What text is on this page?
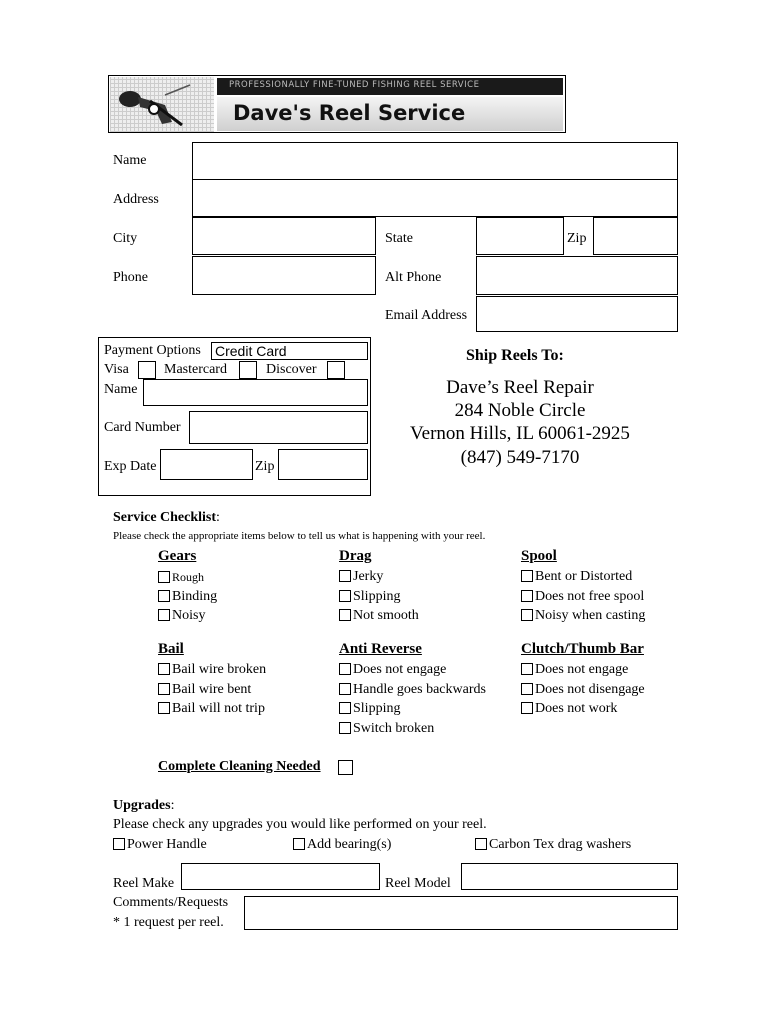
PROFESSIONALLY FINE-TUNED FISHING REEL SERVICE
Dave's Reel Service
Name
Address
City	State	Zip
Phone	Alt Phone
Email Address
Payment Options Credit Card
Visa	Mastercard	Discover
Name
Card Number
Exp Date	Zip
Ship Reels To:
Dave’s Reel Repair
284 Noble Circle
Vernon Hills, IL 60061-2925
(847) 549-7170
Service Checklist:
Please check the appropriate items below to tell us what is happening with your reel.
Gears
Rough
Binding
Noisy
Drag
Jerky
Slipping
Not smooth
Spool
Bent or Distorted
Does not free spool
Noisy when casting
Bail
Bail wire broken
Bail wire bent
Bail will not trip
Anti Reverse
Does not engage
Handle goes backwards
Slipping
Switch broken
Clutch/Thumb Bar
Does not engage
Does not disengage
Does not work
Complete Cleaning Needed
Upgrades:
Please check any upgrades you would like performed on your reel.
Power Handle	Add bearing(s)	Carbon Tex drag washers
Reel Make	Reel Model
Comments/Requests
* 1 request per reel.
